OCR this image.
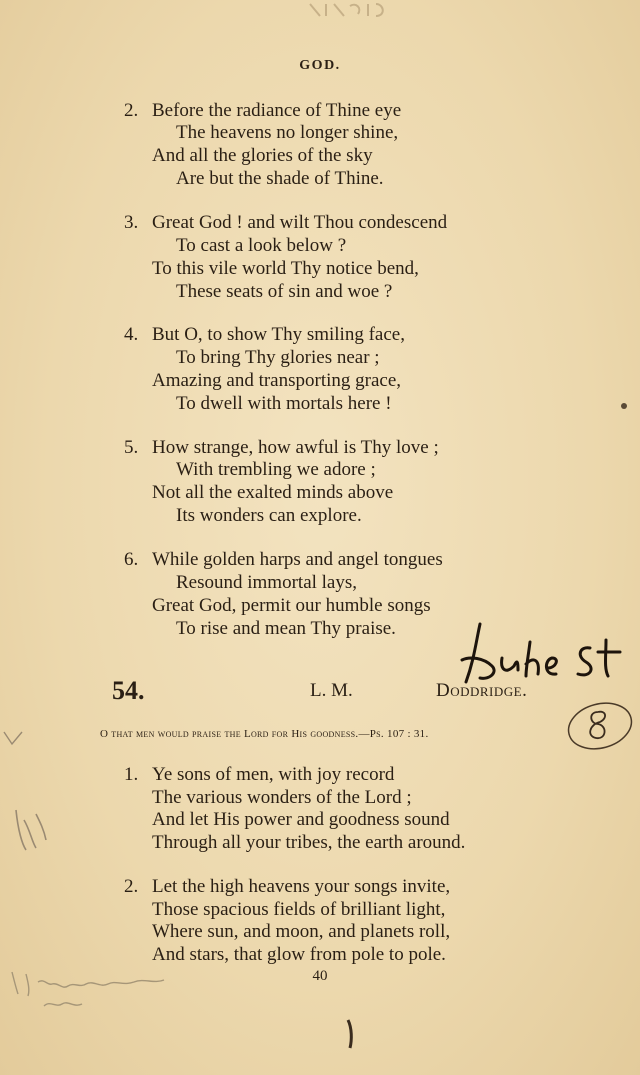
GOD.
2. Before the radiance of Thine eye
The heavens no longer shine,
And all the glories of the sky
Are but the shade of Thine.
3. Great God ! and wilt Thou condescend
To cast a look below ?
To this vile world Thy notice bend,
These seats of sin and woe ?
4. But O, to show Thy smiling face,
To bring Thy glories near ;
Amazing and transporting grace,
To dwell with mortals here !
5. How strange, how awful is Thy love ;
With trembling we adore ;
Not all the exalted minds above
Its wonders can explore.
6. While golden harps and angel tongues
Resound immortal lays,
Great God, permit our humble songs
To rise and mean Thy praise.
54.	L. M.	Doddridge.
O that men would praise the Lord for His goodness.—Ps. 107 : 31.
1. Ye sons of men, with joy record
The various wonders of the Lord ;
And let His power and goodness sound
Through all your tribes, the earth around.
2. Let the high heavens your songs invite,
Those spacious fields of brilliant light,
Where sun, and moon, and planets roll,
And stars, that glow from pole to pole.
40
